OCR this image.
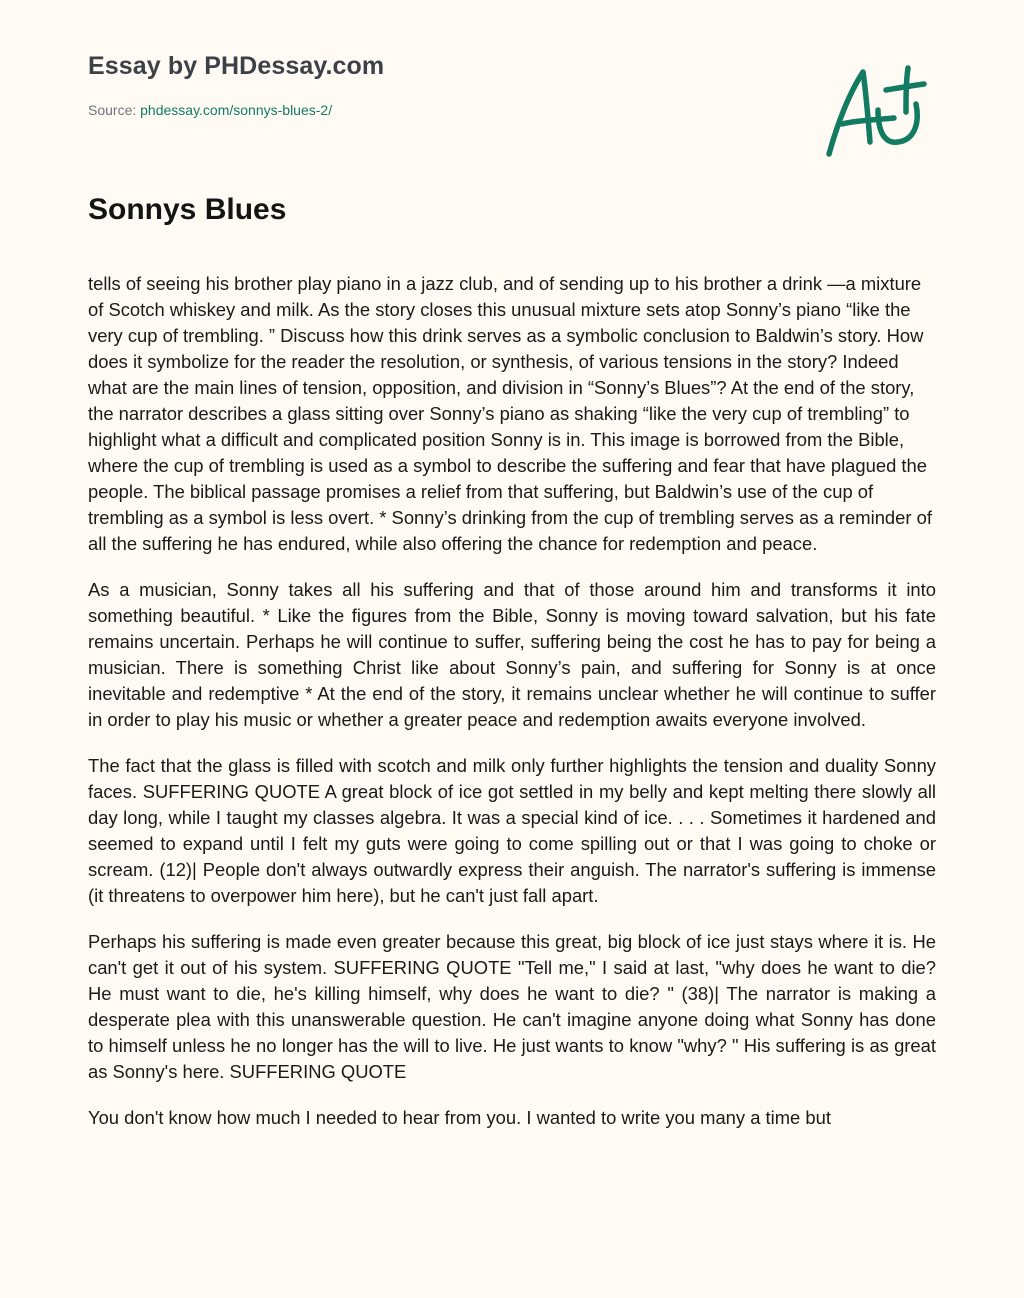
Essay by PHDessay.com
Source: phdessay.com/sonnys-blues-2/
Sonnys Blues

tells of seeing his brother play piano in a jazz club, and of sending up to his brother a drink —a mixture of Scotch whiskey and milk. As the story closes this unusual mixture sets atop Sonny’s piano “like the very cup of trembling. ” Discuss how this drink serves as a symbolic conclusion to Baldwin’s story. How does it symbolize for the reader the resolution, or synthesis, of various tensions in the story? Indeed what are the main lines of tension, opposition, and division in “Sonny’s Blues”? At the end of the story, the narrator describes a glass sitting over Sonny’s piano as shaking “like the very cup of trembling” to highlight what a difficult and complicated position Sonny is in. This image is borrowed from the Bible, where the cup of trembling is used as a symbol to describe the suffering and fear that have plagued the people. The biblical passage promises a relief from that suffering, but Baldwin’s use of the cup of trembling as a symbol is less overt. * Sonny’s drinking from the cup of trembling serves as a reminder of all the suffering he has endured, while also offering the chance for redemption and peace.

As a musician, Sonny takes all his suffering and that of those around him and transforms it into something beautiful. * Like the figures from the Bible, Sonny is moving toward salvation, but his fate remains uncertain. Perhaps he will continue to suffer, suffering being the cost he has to pay for being a musician. There is something Christ like about Sonny’s pain, and suffering for Sonny is at once inevitable and redemptive * At the end of the story, it remains unclear whether he will continue to suffer in order to play his music or whether a greater peace and redemption awaits everyone involved.

The fact that the glass is filled with scotch and milk only further highlights the tension and duality Sonny faces. SUFFERING QUOTE A great block of ice got settled in my belly and kept melting there slowly all day long, while I taught my classes algebra. It was a special kind of ice. . . . Sometimes it hardened and seemed to expand until I felt my guts were going to come spilling out or that I was going to choke or scream. (12)| People don't always outwardly express their anguish. The narrator's suffering is immense (it threatens to overpower him here), but he can't just fall apart.

Perhaps his suffering is made even greater because this great, big block of ice just stays where it is. He can't get it out of his system. SUFFERING QUOTE "Tell me," I said at last, "why does he want to die? He must want to die, he's killing himself, why does he want to die? " (38)| The narrator is making a desperate plea with this unanswerable question. He can't imagine anyone doing what Sonny has done to himself unless he no longer has the will to live. He just wants to know "why? " His suffering is as great as Sonny's here. SUFFERING QUOTE

You don't know how much I needed to hear from you. I wanted to write you many a time but
